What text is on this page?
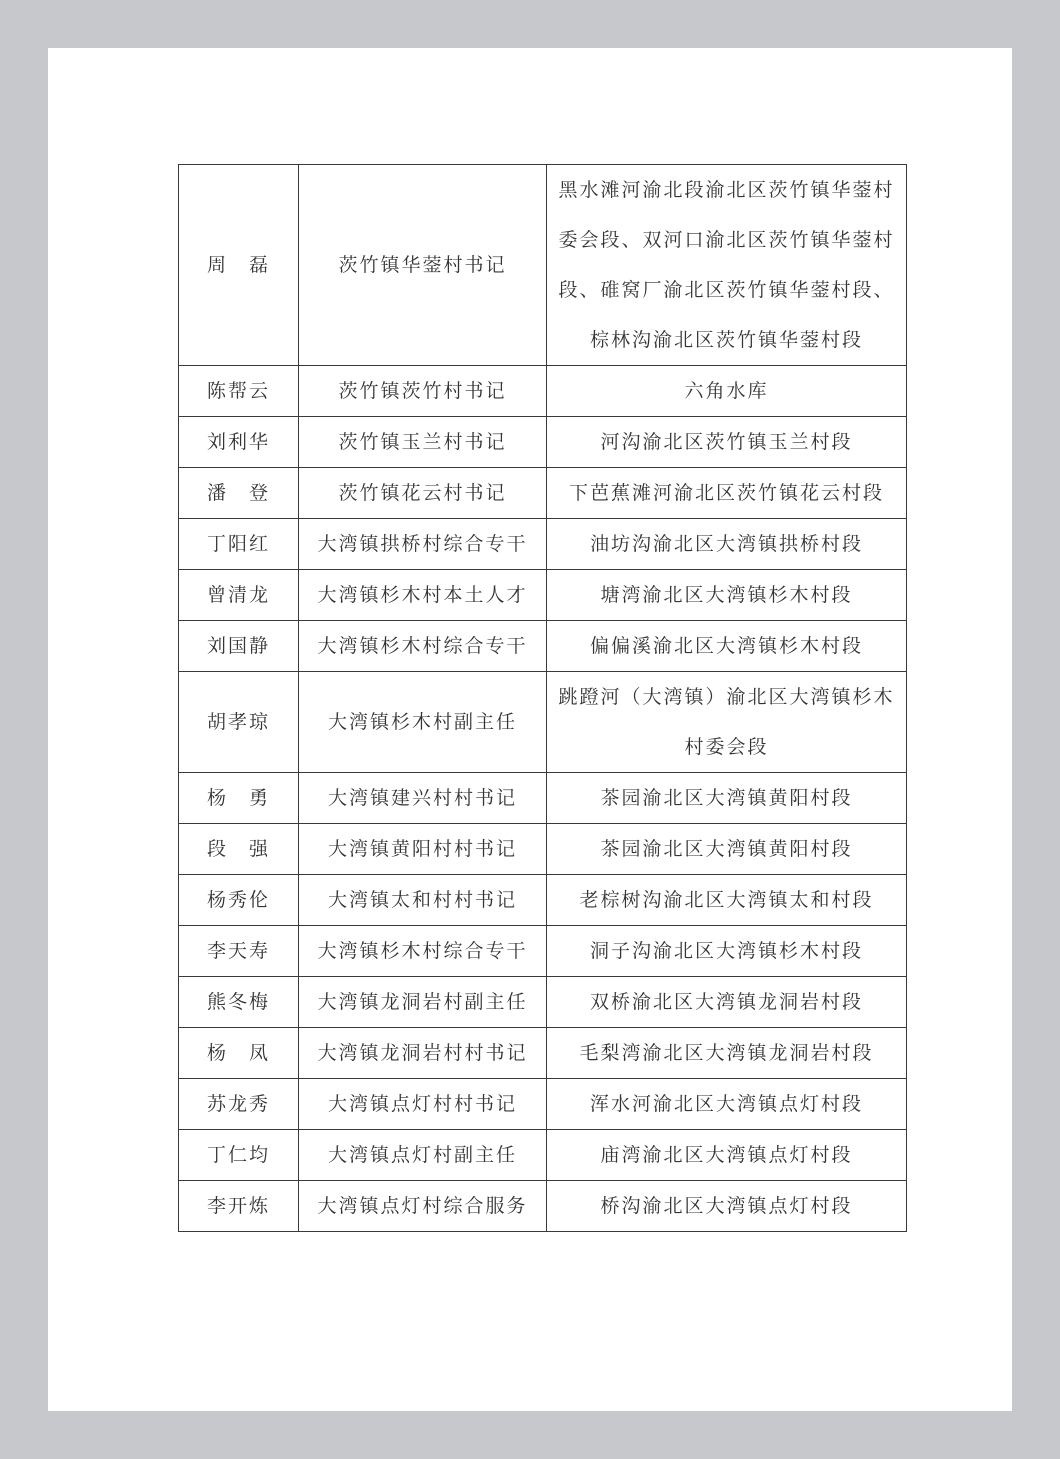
周　磊	茨竹镇华蓥村书记	黑水滩河渝北段渝北区茨竹镇华蓥村委会段、双河口渝北区茨竹镇华蓥村段、碓窝厂渝北区茨竹镇华蓥村段、棕林沟渝北区茨竹镇华蓥村段
陈帮云	茨竹镇茨竹村书记	六角水库
刘利华	茨竹镇玉兰村书记	河沟渝北区茨竹镇玉兰村段
潘　登	茨竹镇花云村书记	下芭蕉滩河渝北区茨竹镇花云村段
丁阳红	大湾镇拱桥村综合专干	油坊沟渝北区大湾镇拱桥村段
曾清龙	大湾镇杉木村本土人才	塘湾渝北区大湾镇杉木村段
刘国静	大湾镇杉木村综合专干	偏偏溪渝北区大湾镇杉木村段
胡孝琼	大湾镇杉木村副主任	跳蹬河（大湾镇）渝北区大湾镇杉木村委会段
杨　勇	大湾镇建兴村村书记	茶园渝北区大湾镇黄阳村段
段　强	大湾镇黄阳村村书记	茶园渝北区大湾镇黄阳村段
杨秀伦	大湾镇太和村村书记	老棕树沟渝北区大湾镇太和村段
李天寿	大湾镇杉木村综合专干	洞子沟渝北区大湾镇杉木村段
熊冬梅	大湾镇龙洞岩村副主任	双桥渝北区大湾镇龙洞岩村段
杨　凤	大湾镇龙洞岩村村书记	毛梨湾渝北区大湾镇龙洞岩村段
苏龙秀	大湾镇点灯村村书记	浑水河渝北区大湾镇点灯村段
丁仁均	大湾镇点灯村副主任	庙湾渝北区大湾镇点灯村段
李开炼	大湾镇点灯村综合服务	桥沟渝北区大湾镇点灯村段
